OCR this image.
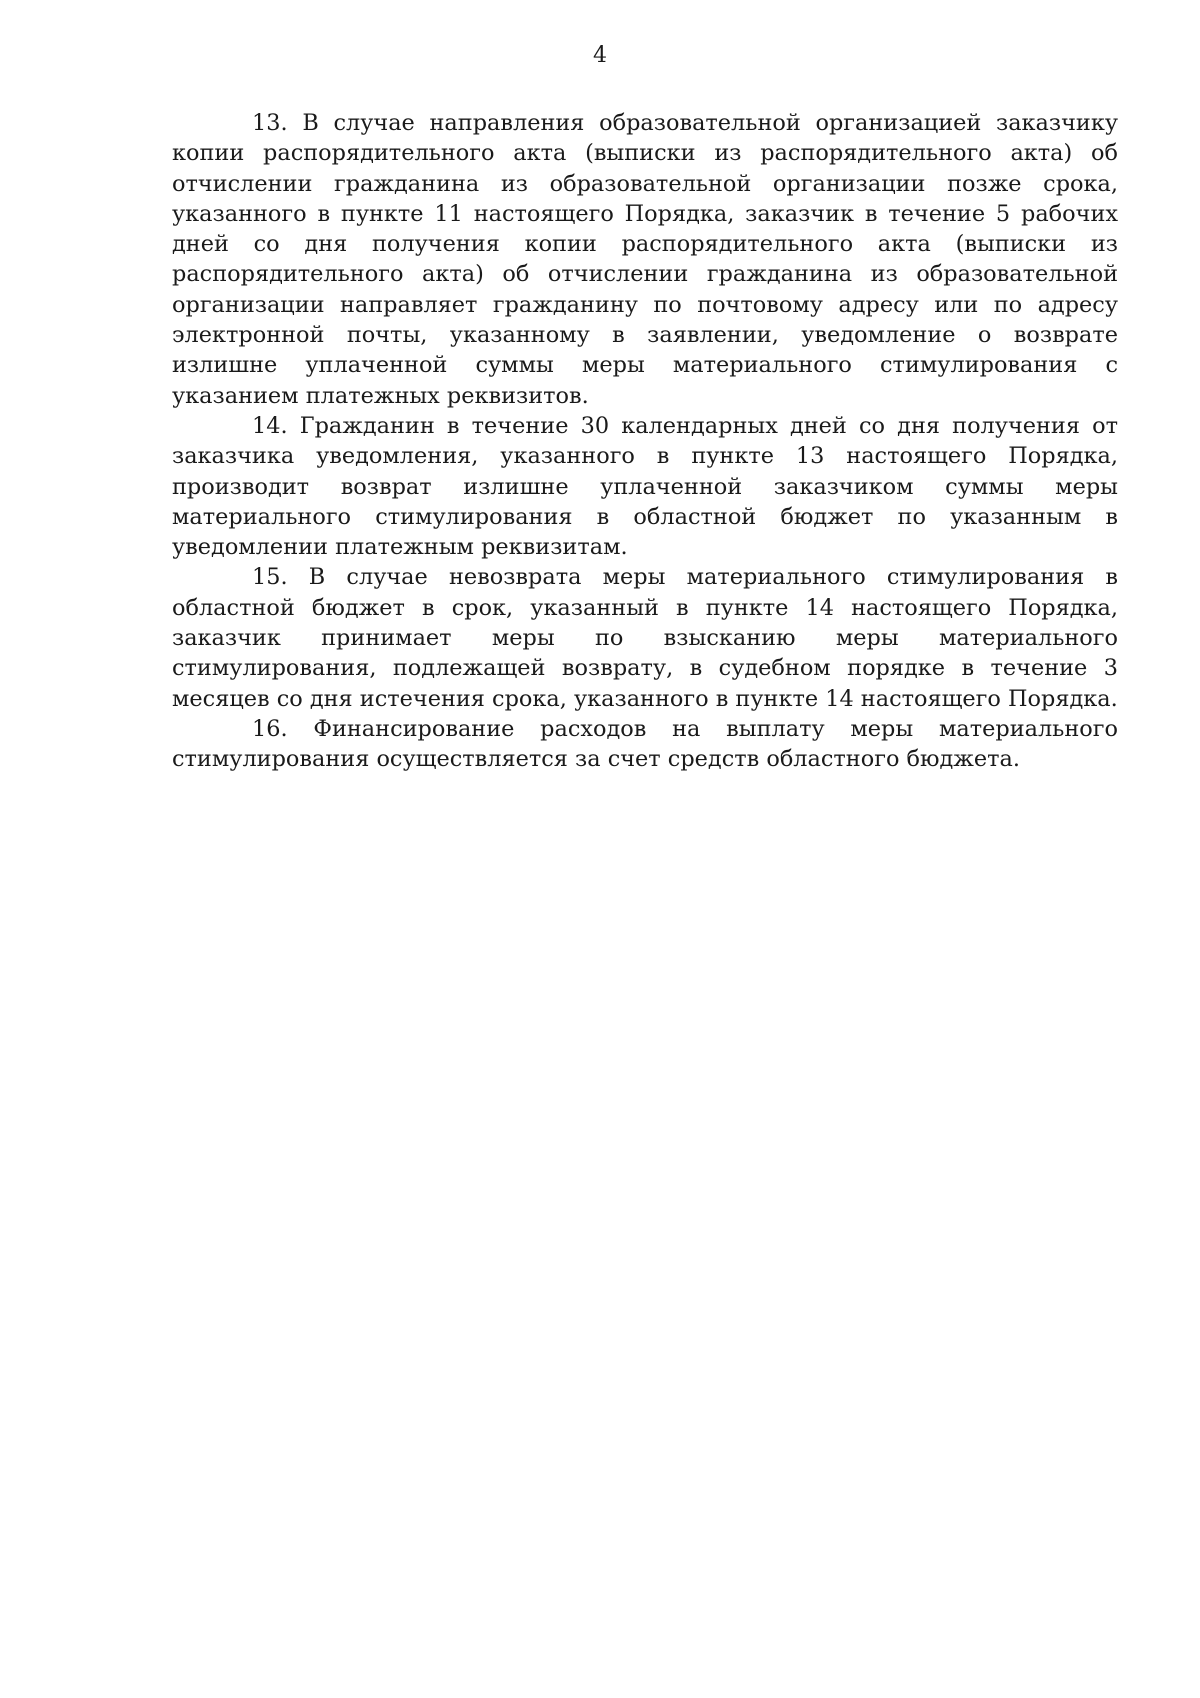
4

13. В случае направления образовательной организацией заказчику копии распорядительного акта (выписки из распорядительного акта) об отчислении гражданина из образовательной организации позже срока, указанного в пункте 11 настоящего Порядка, заказчик в течение 5 рабочих дней со дня получения копии распорядительного акта (выписки из распорядительного акта) об отчислении гражданина из образовательной организации направляет гражданину по почтовому адресу или по адресу электронной почты, указанному в заявлении, уведомление о возврате излишне уплаченной суммы меры материального стимулирования с указанием платежных реквизитов.

14. Гражданин в течение 30 календарных дней со дня получения от заказчика уведомления, указанного в пункте 13 настоящего Порядка, производит возврат излишне уплаченной заказчиком суммы меры материального стимулирования в областной бюджет по указанным в уведомлении платежным реквизитам.

15. В случае невозврата меры материального стимулирования в областной бюджет в срок, указанный в пункте 14 настоящего Порядка, заказчик принимает меры по взысканию меры материального стимулирования, подлежащей возврату, в судебном порядке в течение 3 месяцев со дня истечения срока, указанного в пункте 14 настоящего Порядка.

16. Финансирование расходов на выплату меры материального стимулирования осуществляется за счет средств областного бюджета.
